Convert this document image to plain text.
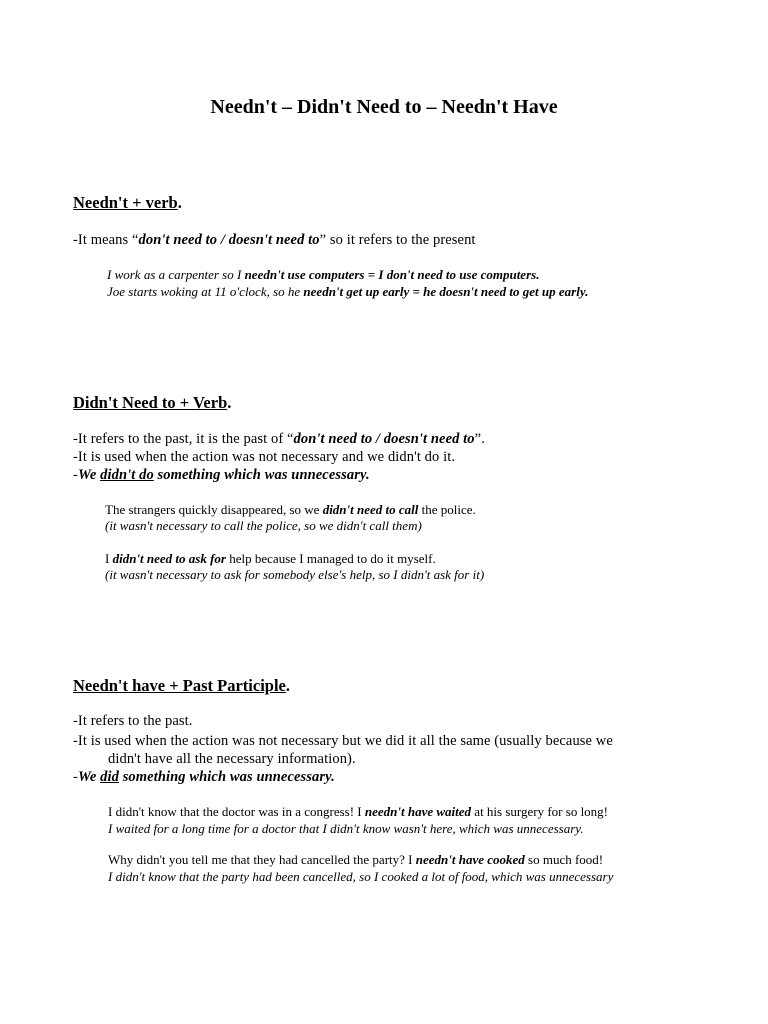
Needn't – Didn't Need to – Needn't Have
Needn't + verb.
-It means “don't need to / doesn't need to” so it refers to the present
I work as a carpenter so I needn't use computers = I don't need to use computers.
Joe starts woking at 11 o'clock, so he needn't get up early = he doesn't need to get up early.
Didn't Need to + Verb.
-It refers to the past, it is the past of “don't need to / doesn't need to”.
-It is used when the action was not necessary and we didn't do it.
-We didn't do something which was unnecessary.
The strangers quickly disappeared, so we didn't need to call the police.
(it wasn't necessary to call the police, so we didn't call them)
I didn't need to ask for help because I managed to do it myself.
(it wasn't necessary to ask for somebody else's help, so I didn't ask for it)
Needn't have + Past Participle.
-It refers to the past.
-It is used when the action was not necessary but we did it all the same (usually because we
didn't have all the necessary information).
-We did something which was unnecessary.
I didn't know that the doctor was in a congress! I needn't have waited at his surgery for so long!
I waited for a long time for a doctor that I didn't know wasn't here, which was unnecessary.
Why didn't you tell me that they had cancelled the party? I needn't have cooked so much food!
I didn't know that the party had been cancelled, so I cooked a lot of food, which was unnecessary
